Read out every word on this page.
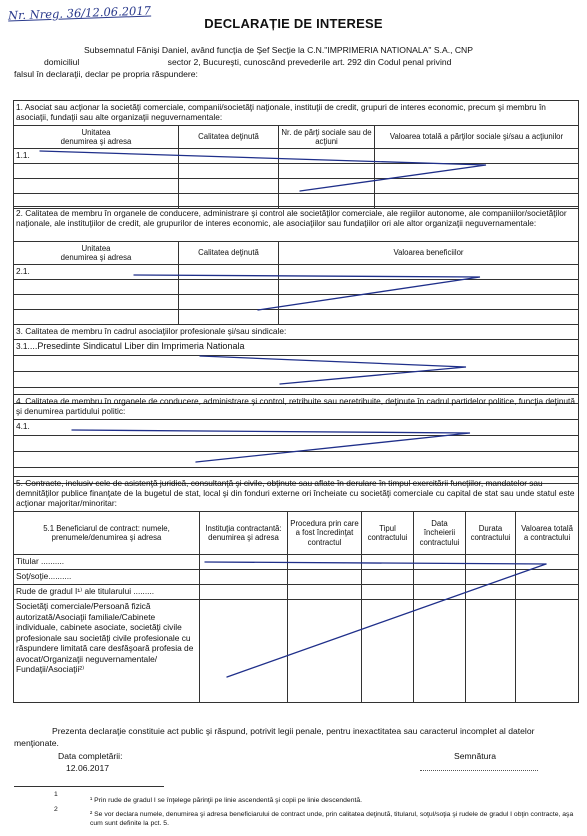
Nr. Nreg. 36/12.06.2017
DECLARAȚIE DE INTERESE
Subsemnatul Fănişi Daniel, având funcţia de Şef Secţie la C.N."IMPRIMERIA NATIONALA" S.A., CNP
domiciliul                                     sector 2, Bucureşti, cunoscând prevederile art. 292 din Codul penal privind
falsul în declaraţii, declar pe propria răspundere:
1. Asociat sau acţionar la societăţi comerciale, companii/societăţi naţionale, instituţii de credit, grupuri de interes economic, precum şi membru în asociaţii, fundaţii sau alte organizaţii neguvernamentale:			
Unitatea
denumirea şi adresa	Calitatea deţinută	Nr. de părţi sociale sau de acţiuni	Valoarea totală a părţilor sociale şi/sau a acţiunilor
1.1.			

2. Calitatea de membru în organele de conducere, administrare şi control ale societăţilor comerciale, ale regiilor autonome, ale companiilor/societăţilor naţionale, ale instituţiilor de credit, ale grupurilor de interes economic, ale asociaţiilor sau fundaţiilor ori ale altor organizaţii neguvernamentale:		
Unitatea
denumirea şi adresa	Calitatea deţinută	Valoarea beneficiilor
2.1.		

3. Calitatea de membru în cadrul asociaţiilor profesionale şi/sau sindicale:
3.1....Presedinte Sindicatul Liber din Imprimeria Nationala

4. Calitatea de membru în organele de conducere, administrare şi control, retribuite sau neretribuite, deţinute în cadrul partidelor politice, funcţia deţinută şi denumirea partidului politic:
4.1.

5. Contracte, inclusiv cele de asistenţă juridică, consultanţă şi civile, obţinute sau aflate în derulare în timpul exercitării funcţiilor, mandatelor sau demnităţilor publice finanţate de la bugetul de stat, local şi din fonduri externe ori încheiate cu societăţi comerciale cu capital de stat sau unde statul este acţionar majoritar/minoritar:						
5.1 Beneficiarul de contract: numele, prenumele/denumirea şi adresa	Instituţia contractantă: denumirea şi adresa	Procedura prin care a fost încredinţat contractul	Tipul contractului	Data încheierii contractului	Durata contractului	Valoarea totală a contractului
Titular ..........						
Soţ/soţie..........						
Rude de gradul I¹⁾ ale titularului .........						
Societăţi comerciale/Persoană fizică autorizată/Asociaţii familiale/Cabinete individuale, cabinete asociate, societăţi civile profesionale sau societăţi civile profesionale cu răspundere limitată care desfăşoară profesia de avocat/Organizaţii neguvernamentale/ Fundaţii/Asociaţii²⁾						
Prezenta declaraţie constituie act public şi răspund, potrivit legii penale, pentru inexactitatea sau caracterul incomplet al datelor menţionate.
Data completării:
12.06.2017
Semnătura
1
¹ Prin rude de gradul I se înţelege părinţii pe linie ascendentă şi copii pe linie descendentă.
2
² Se vor declara numele, denumirea şi adresa beneficiarului de contract unde, prin calitatea deţinută, titularul, soţul/soţia şi rudele de gradul I obţin contracte, aşa cum sunt definite la pct. 5.
